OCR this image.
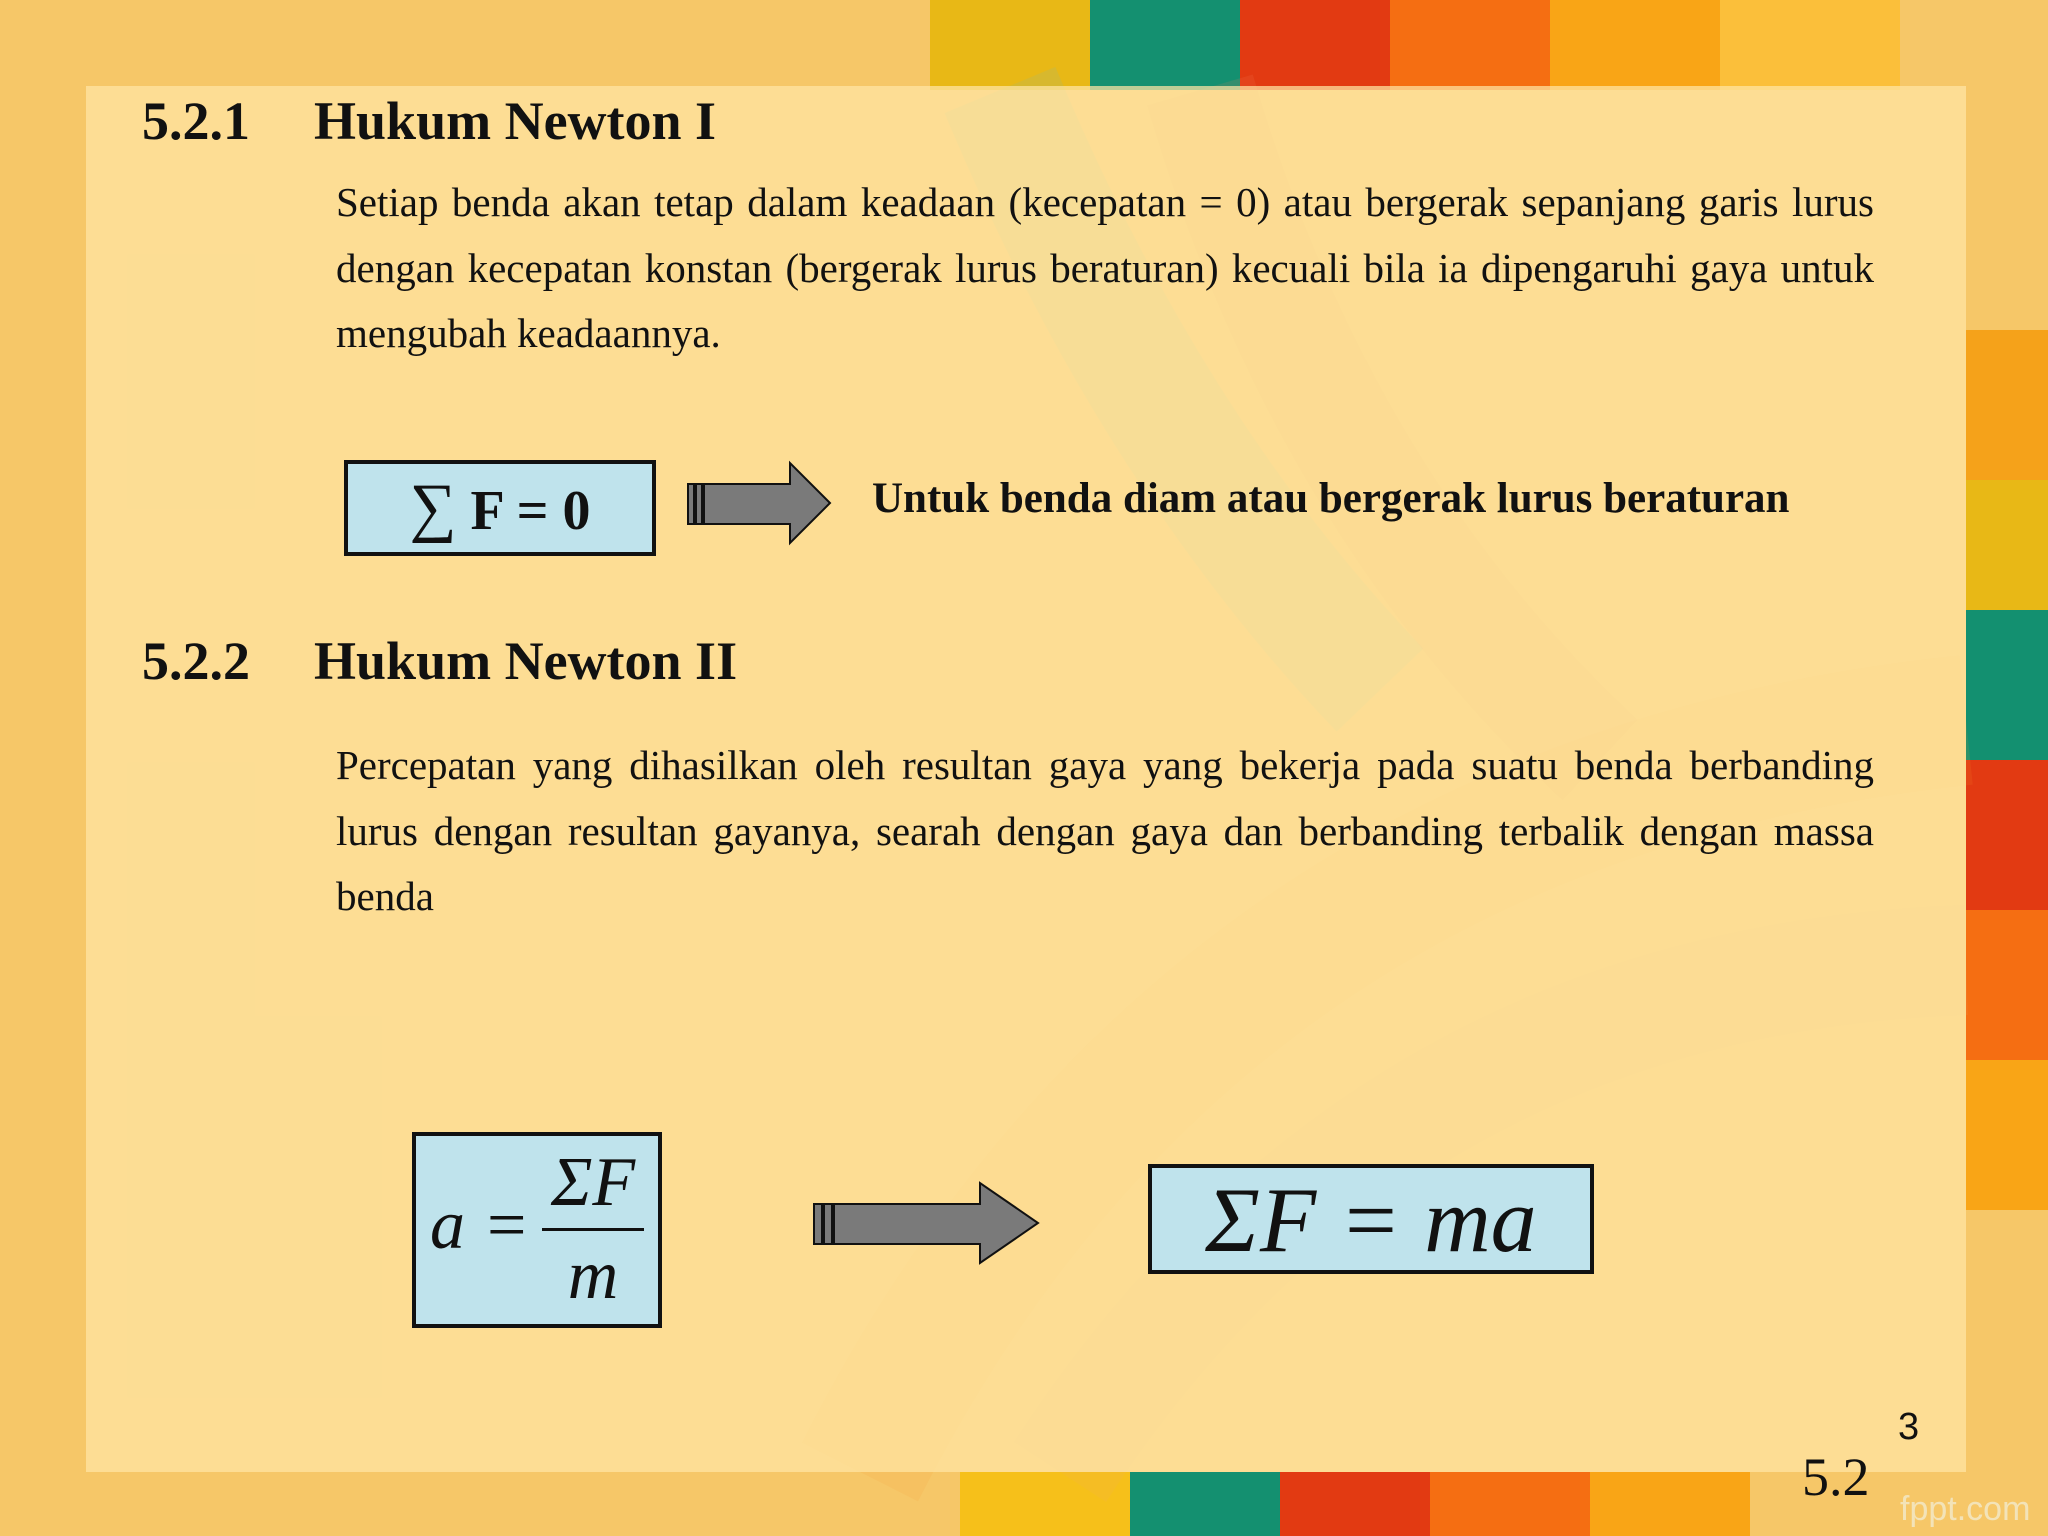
5.2.1 Hukum Newton I
Setiap benda akan tetap dalam keadaan (kecepatan = 0) atau bergerak sepanjang garis lurus dengan kecepatan konstan (bergerak lurus beraturan) kecuali bila ia dipengaruhi gaya untuk mengubah keadaannya.
∑ F = 0	Untuk benda diam atau bergerak lurus beraturan
5.2.2 Hukum Newton II
Percepatan yang dihasilkan oleh resultan gaya yang bekerja pada suatu benda berbanding lurus dengan resultan gayanya, searah dengan gaya dan berbanding terbalik dengan massa benda
a =
ΣF
m
ΣF = ma
3
5.2
fppt.com
